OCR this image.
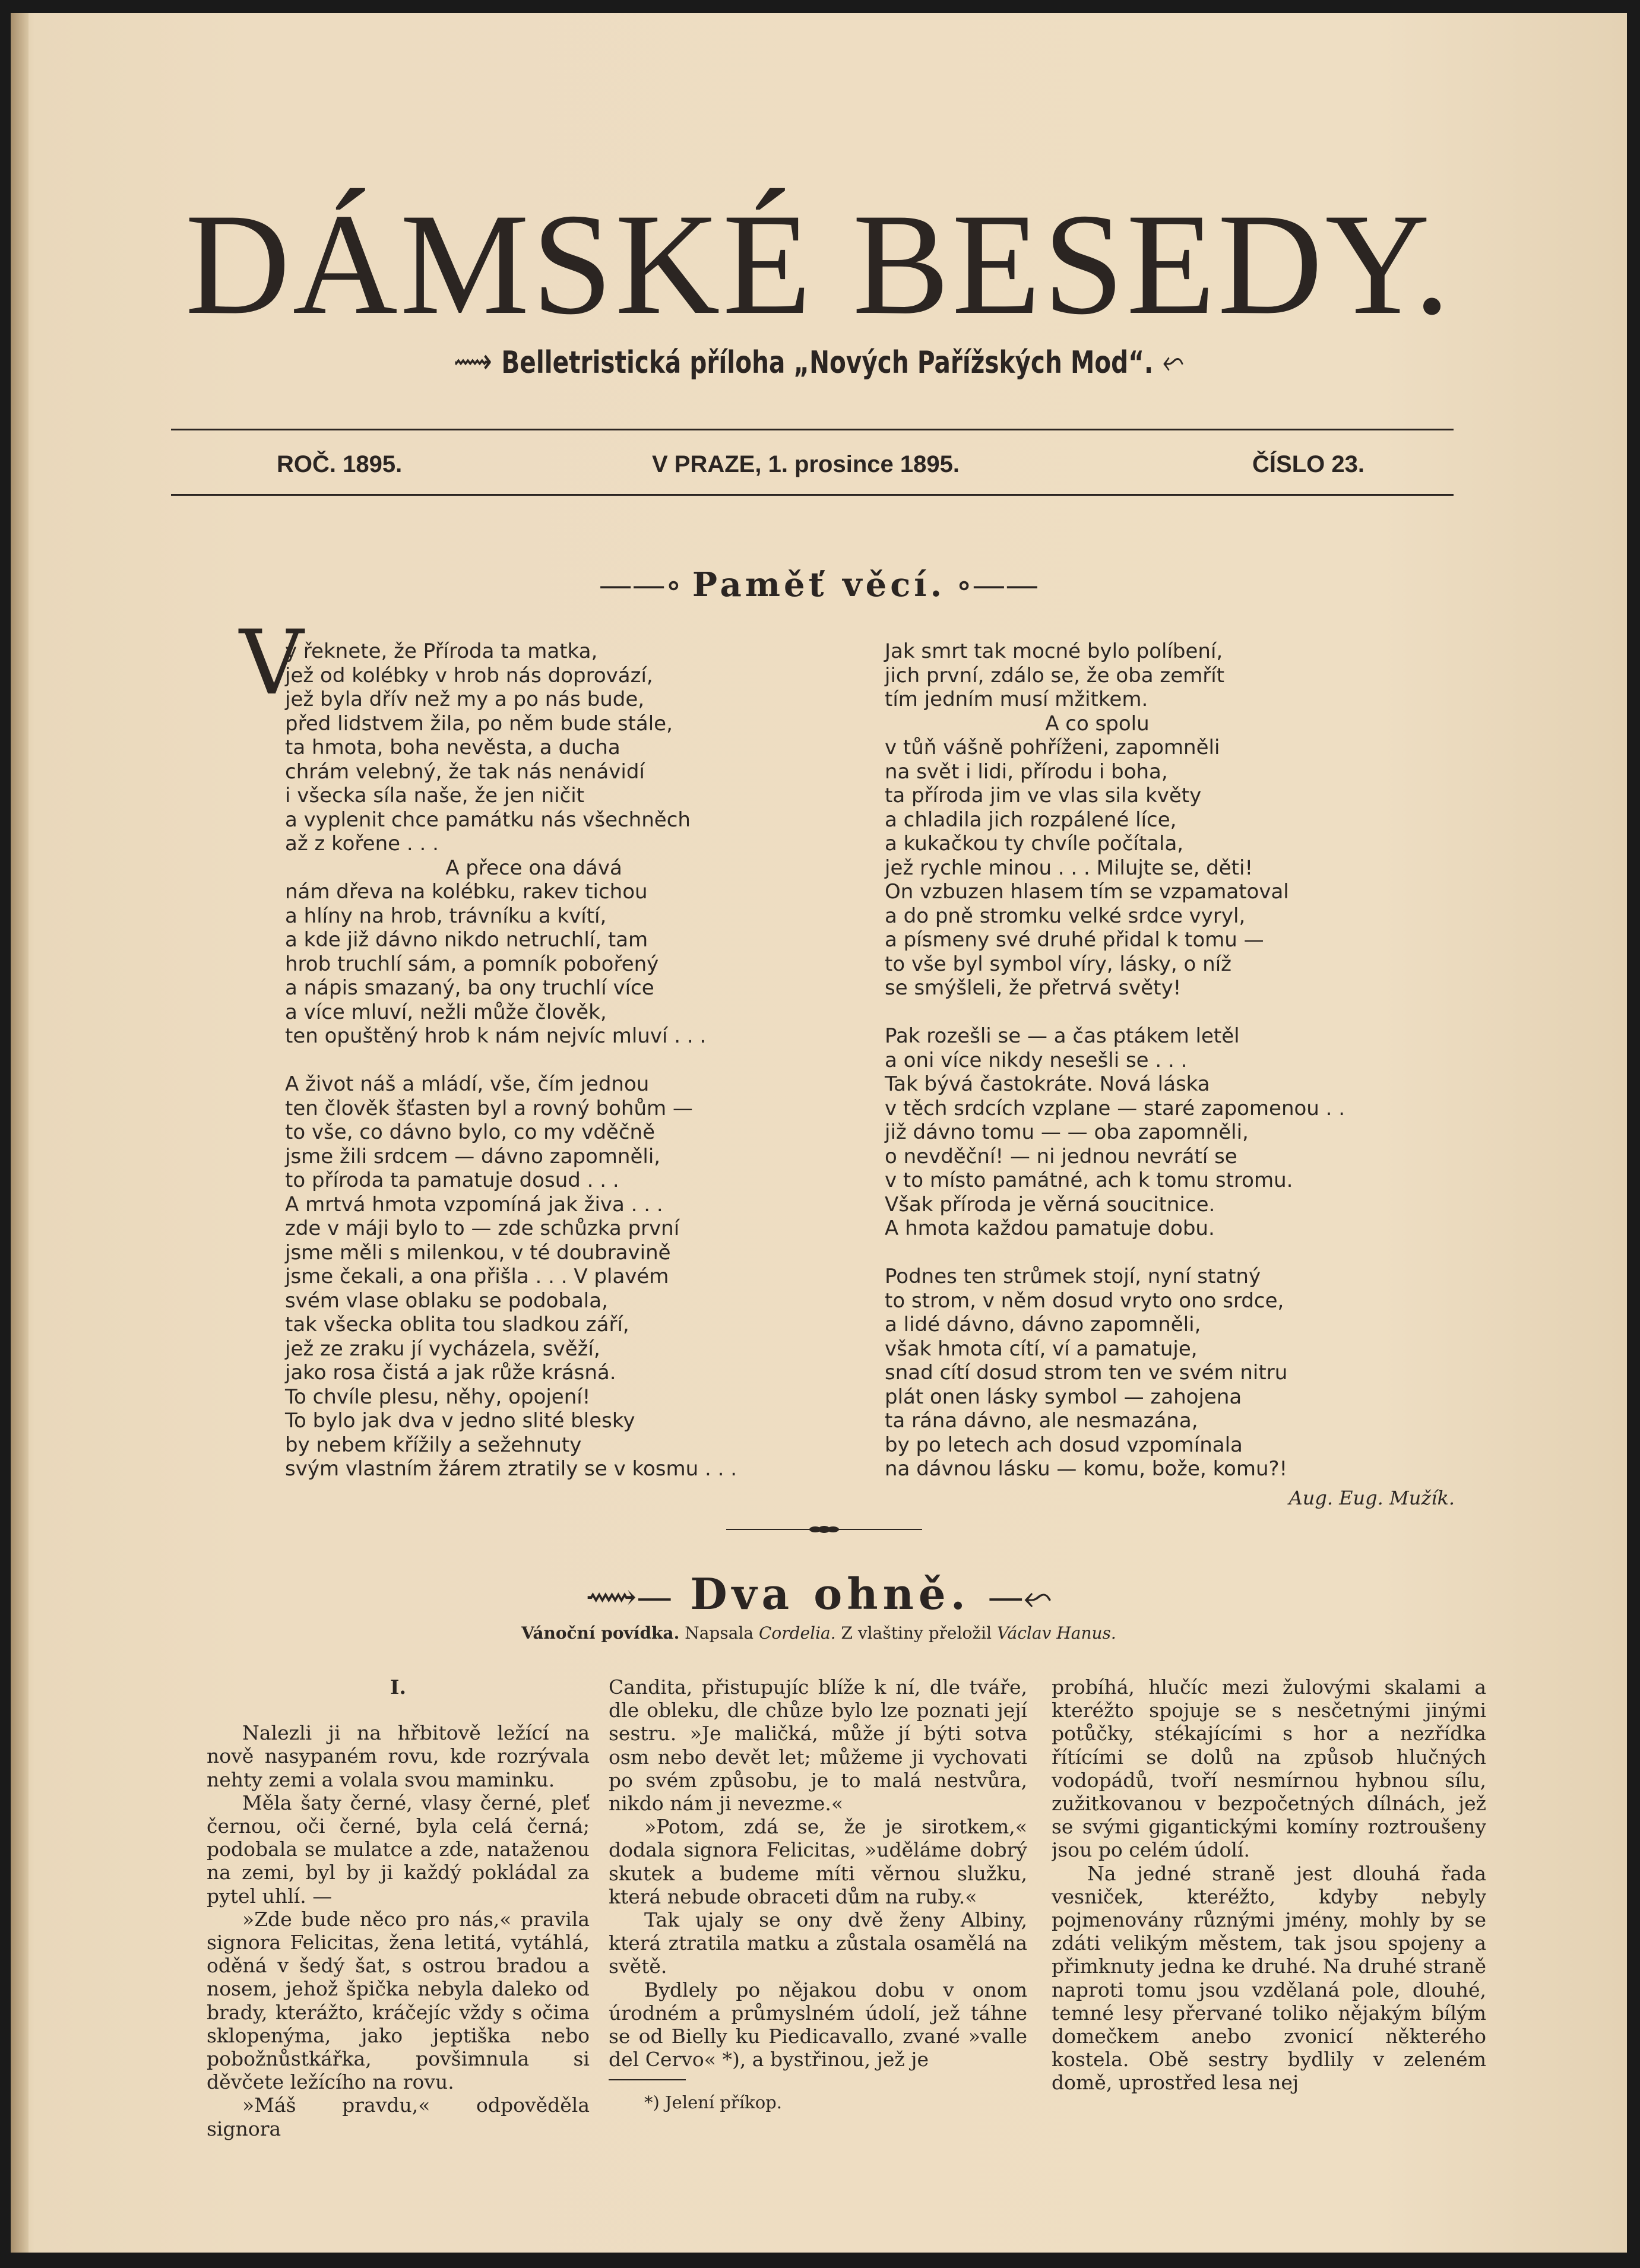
DÁMSKÉ BESEDY.
⟿ Belletristická příloha „Nových Pařížských Mod“. ⬿
ROČ. 1895.	V PRAZE, 1. prosince 1895.	ČÍSLO 23.
——∘ Paměť věcí. ∘——
V
y řeknete, že Příroda ta matka,
jež od kolébky v hrob nás doprovází,
jež byla dřív než my a po nás bude,
před lidstvem žila, po něm bude stále,
ta hmota, boha nevěsta, a ducha
chrám velebný, že tak nás nenávidí
i všecka síla naše, že jen ničit
a vyplenit chce památku nás všechněch
až z kořene . . .
A přece ona dává
nám dřeva na kolébku, rakev tichou
a hlíny na hrob, trávníku a kvítí,
a kde již dávno nikdo netruchlí, tam
hrob truchlí sám, a pomník pobořený
a nápis smazaný, ba ony truchlí více
a více mluví, nežli může člověk,
ten opuštěný hrob k nám nejvíc mluví . . .

A život náš a mládí, vše, čím jednou
ten člověk šťasten byl a rovný bohům —
to vše, co dávno bylo, co my vděčně
jsme žili srdcem — dávno zapomněli,
to příroda ta pamatuje dosud . . .
A mrtvá hmota vzpomíná jak živa . . .
zde v máji bylo to — zde schůzka první
jsme měli s milenkou, v té doubravině
jsme čekali, a ona přišla . . . V plavém
svém vlase oblaku se podobala,
tak všecka oblita tou sladkou září,
jež ze zraku jí vycházela, svěží,
jako rosa čistá a jak růže krásná.
To chvíle plesu, něhy, opojení!
To bylo jak dva v jedno slité blesky
by nebem křížily a sežehnuty
svým vlastním žárem ztratily se v kosmu . . .
Jak smrt tak mocné bylo políbení,
jich první, zdálo se, že oba zemřít
tím jedním musí mžitkem.
A co spolu
v tůň vášně pohříženi, zapomněli
na svět i lidi, přírodu i boha,
ta příroda jim ve vlas sila květy
a chladila jich rozpálené líce,
a kukačkou ty chvíle počítala,
jež rychle minou . . . Milujte se, děti!
On vzbuzen hlasem tím se vzpamatoval
a do pně stromku velké srdce vyryl,
a písmeny své druhé přidal k tomu —
to vše byl symbol víry, lásky, o níž
se smýšleli, že přetrvá světy!

Pak rozešli se — a čas ptákem letěl
a oni více nikdy nesešli se . . .
Tak bývá častokráte. Nová láska
v těch srdcích vzplane — staré zapomenou . .
již dávno tomu — — oba zapomněli,
o nevděční! — ni jednou nevrátí se
v to místo památné, ach k tomu stromu.
Však příroda je věrná soucitnice.
A hmota každou pamatuje dobu.

Podnes ten strůmek stojí, nyní statný
to strom, v něm dosud vryto ono srdce,
a lidé dávno, dávno zapomněli,
však hmota cítí, ví a pamatuje,
snad cítí dosud strom ten ve svém nitru
plát onen lásky symbol — zahojena
ta rána dávno, ale nesmazána,
by po letech ach dosud vzpomínala
na dávnou lásku — komu, bože, komu?!
Aug. Eug. Mužík.
⟿— Dva ohně. —⬿
Vánoční povídka. Napsala Cordelia. Z vlaštiny přeložil Václav Hanus.

I.

Nalezli ji na hřbitově ležící na nově nasypaném rovu, kde rozrývala nehty zemi a volala svou maminku.

Měla šaty černé, vlasy černé, pleť černou, oči černé, byla celá černá; podobala se mulatce a zde, nataženou na zemi, byl by ji každý pokládal za pytel uhlí. —

»Zde bude něco pro nás,« pravila signora Felicitas, žena letitá, vytáhlá, oděná v šedý šat, s ostrou bradou a nosem, jehož špička nebyla daleko od brady, kterážto, kráčejíc vždy s očima sklopenýma, jako jeptiška nebo pobožnůstkářka, povšimnula si děvčete ležícího na rovu.

»Máš pravdu,« odpověděla signora

Candita, přistupujíc blíže k ní, dle tváře, dle obleku, dle chůze bylo lze poznati její sestru. »Je maličká, může jí býti sotva osm nebo devět let; můžeme ji vychovati po svém způsobu, je to malá nestvůra, nikdo nám ji nevezme.«

»Potom, zdá se, že je sirotkem,« dodala signora Felicitas, »uděláme dobrý skutek a budeme míti věrnou služku, která nebude obraceti dům na ruby.«

Tak ujaly se ony dvě ženy Albiny, která ztratila matku a zůstala osamělá na světě.

Bydlely po nějakou dobu v onom úrodném a průmyslném údolí, jež táhne se od Bielly ku Piedicavallo, zvané »valle del Cervo« *), a bystřinou, jež je

*) Jelení příkop.

probíhá, hlučíc mezi žulovými skalami a kteréžto spojuje se s nesčetnými jinými potůčky, stékajícími s hor a nezřídka řítícími se dolů na způsob hlučných vodopádů, tvoří nesmírnou hybnou sílu, zužitkovanou v bezpočetných dílnách, jež se svými gigantickými komíny roztroušeny jsou po celém údolí.

Na jedné straně jest dlouhá řada vesniček, kteréžto, kdyby nebyly pojmenovány různými jmény, mohly by se zdáti velikým městem, tak jsou spojeny a přimknuty jedna ke druhé. Na druhé straně naproti tomu jsou vzdělaná pole, dlouhé, temné lesy přervané toliko nějakým bílým domečkem anebo zvonicí některého kostela. Obě sestry bydlily v zeleném domě, uprostřed lesa nej
